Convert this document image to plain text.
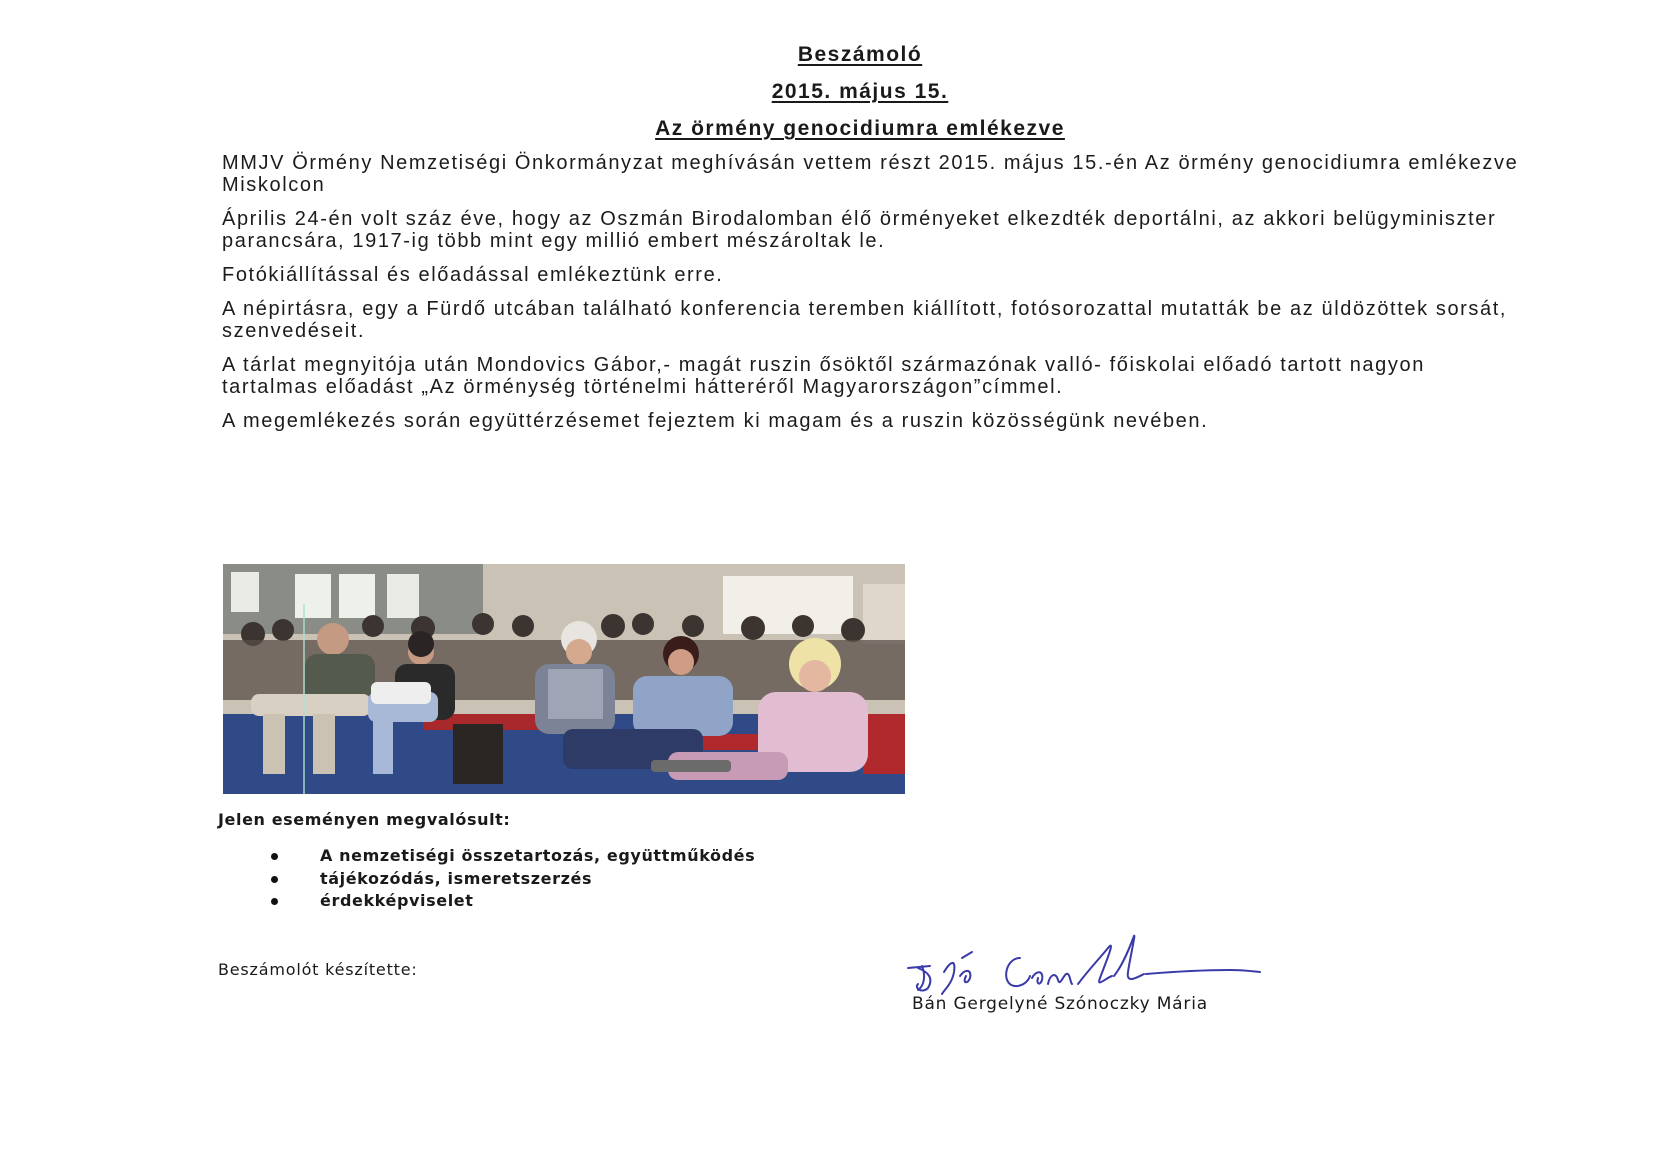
Beszámoló
2015. május 15.
Az örmény genocidiumra emlékezve

MMJV Örmény Nemzetiségi Önkormányzat meghívásán vettem részt 2015. május 15.-én Az örmény genocidiumra emlékezve Miskolcon

Április 24-én volt száz éve, hogy az Oszmán Birodalomban élő örményeket elkezdték deportálni, az akkori belügyminiszter parancsára, 1917-ig több mint egy millió embert mészároltak le.

Fotókiállítással és előadással emlékeztünk erre.

A népirtásra, egy a Fürdő utcában található konferencia teremben kiállított, fotósorozattal mutatták be az üldözöttek sorsát, szenvedéseit.

A tárlat megnyitója után Mondovics Gábor,- magát ruszin ősöktől származónak valló- főiskolai előadó tartott nagyon tartalmas előadást „Az örménység történelmi hátteréről Magyarországon”címmel.

A megemlékezés során együttérzésemet fejeztem ki magam és a ruszin közösségünk nevében.

Jelen eseményen megvalósult:

A nemzetiségi összetartozás, együttműködés
tájékozódás, ismeretszerzés
érdekképviselet

Beszámolót készítette:

Bán Gergelyné Szónoczky Mária
